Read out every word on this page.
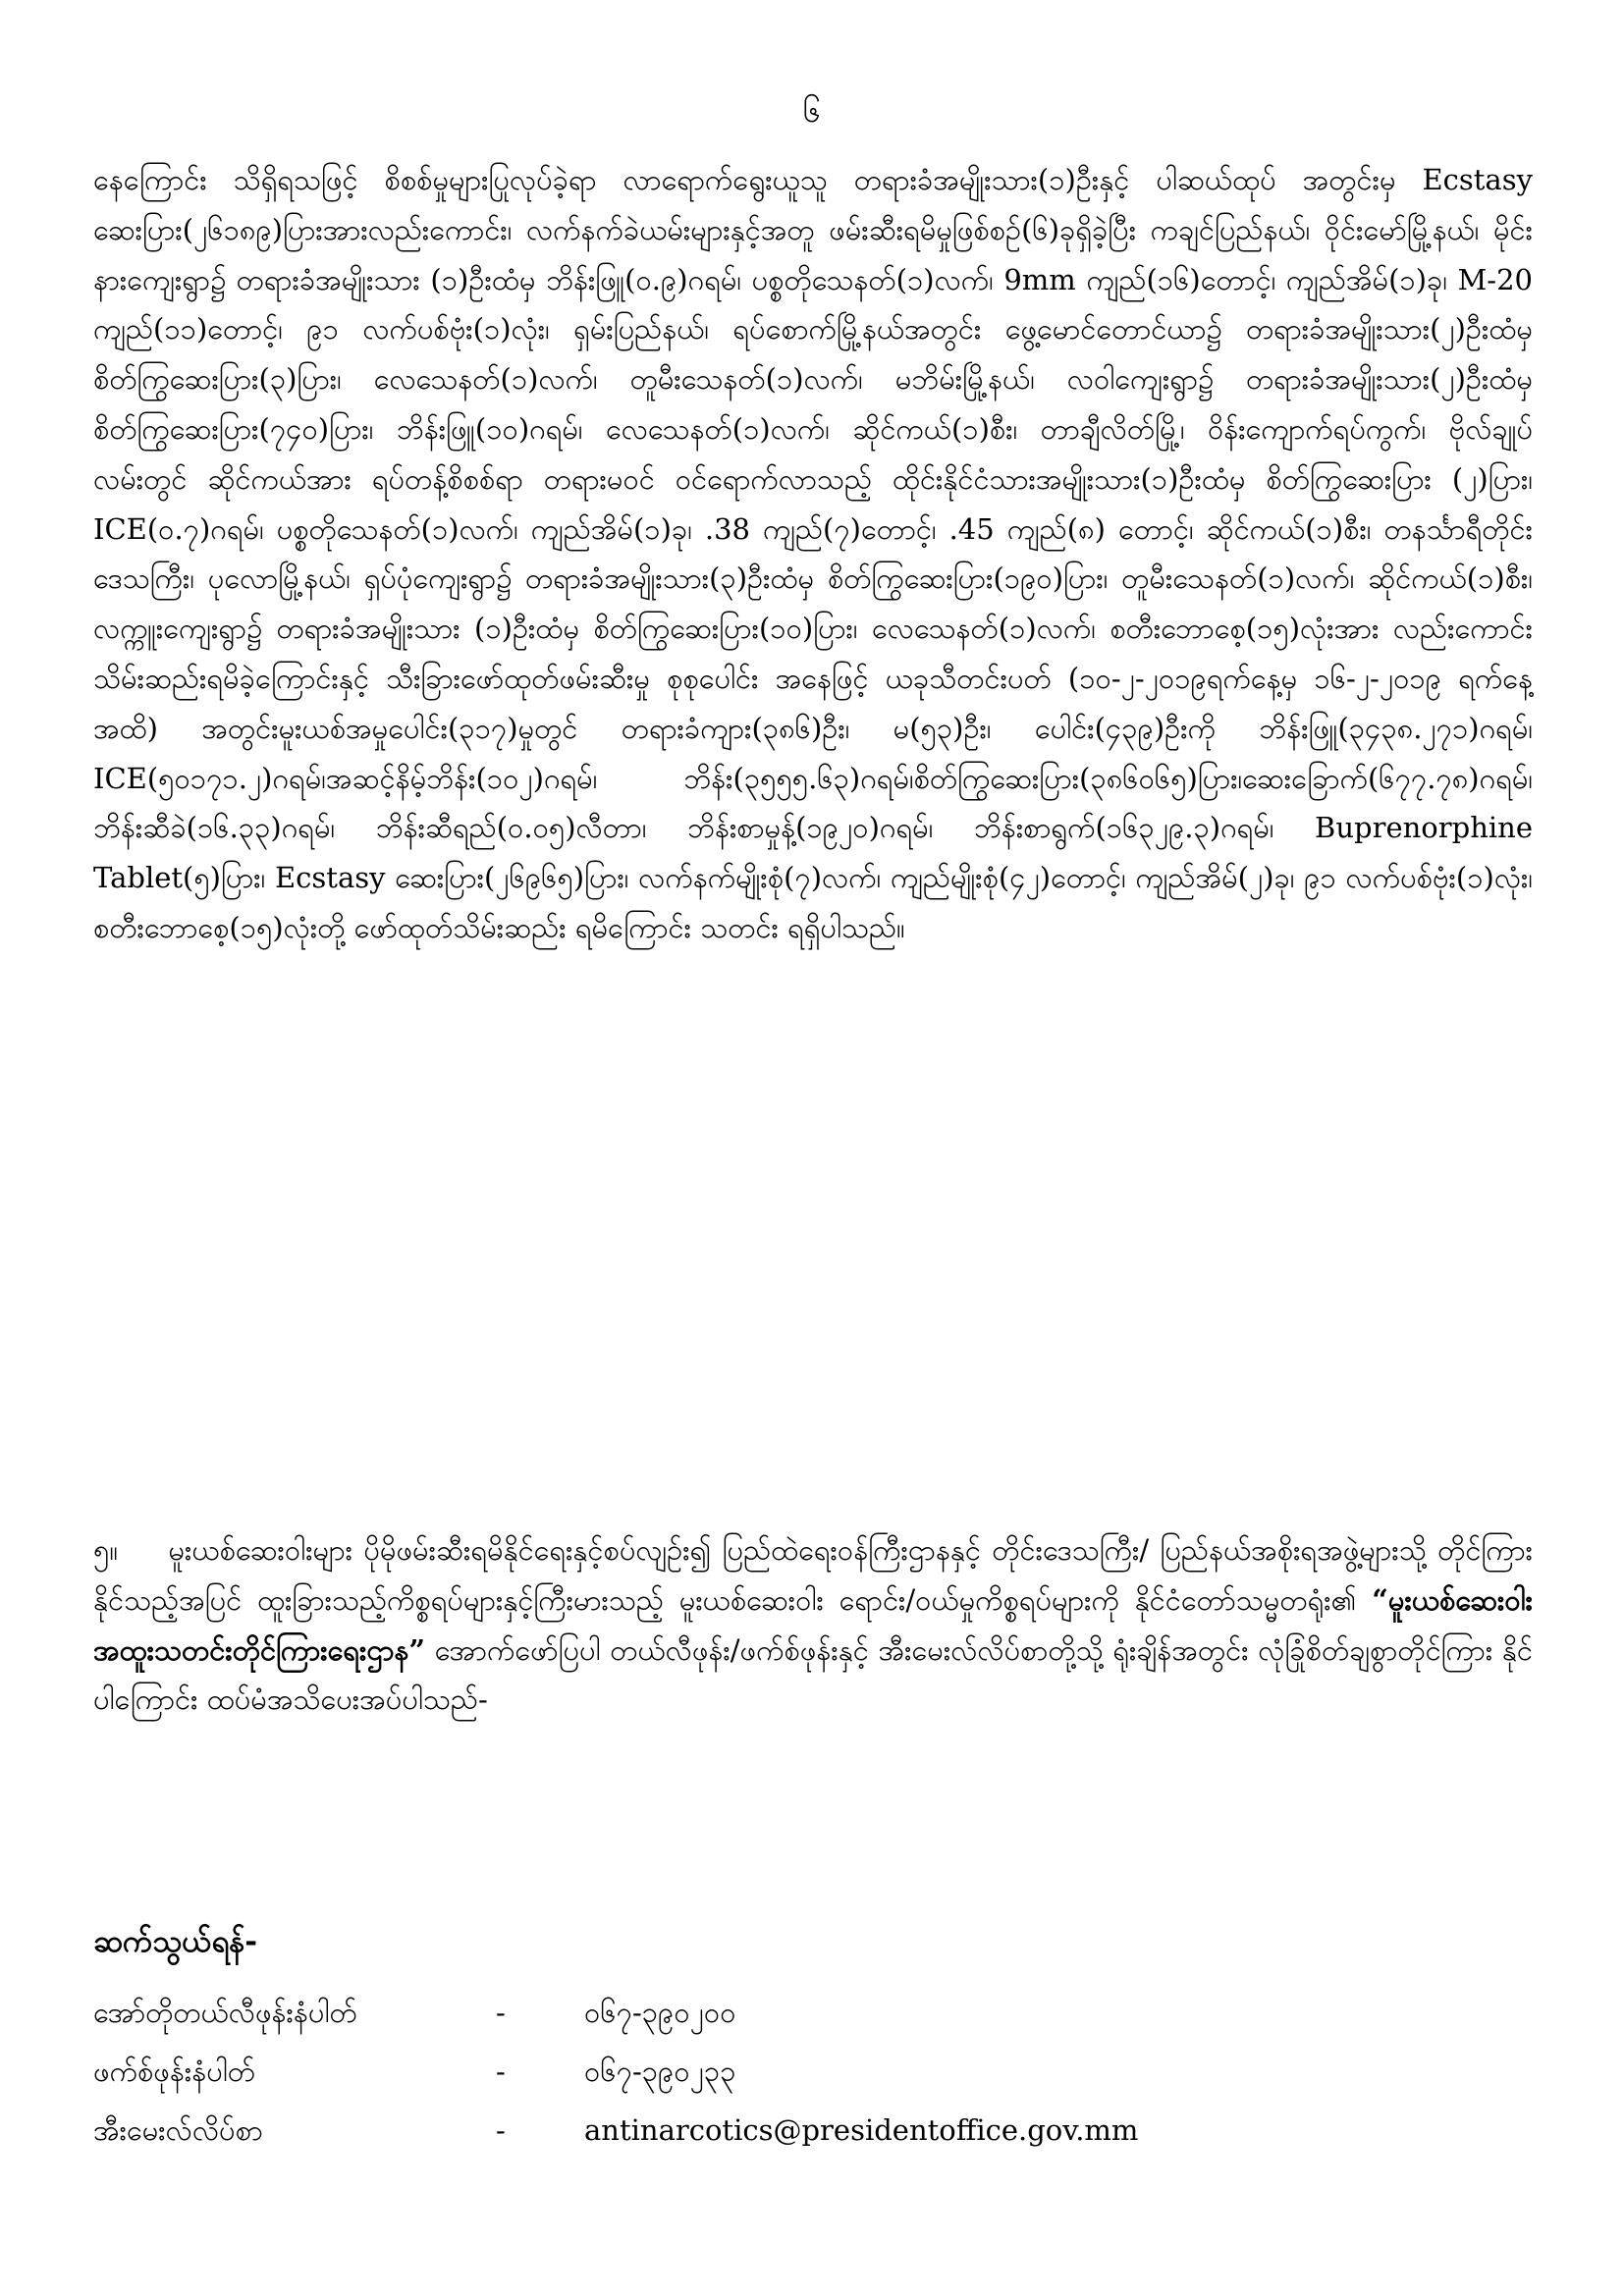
၆
နေကြောင်း သိရှိရသဖြင့် စိစစ်မှုများပြုလုပ်ခဲ့ရာ လာရောက်ရွေးယူသူ တရားခံအမျိုးသား(၁)ဦးနှင့် ပါဆယ်ထုပ် အတွင်းမှ Ecstasy ဆေးပြား(၂၆၁၈၉)ပြားအားလည်းကောင်း၊ လက်နက်ခဲယမ်းများနှင့်အတူ ဖမ်းဆီးရမိမှုဖြစ်စဉ်(၆)ခုရှိခဲ့ပြီး ကချင်ပြည်နယ်၊ ဝိုင်းမော်မြို့နယ်၊ မိုင်းနားကျေးရွာ၌ တရားခံအမျိုးသား (၁)ဦးထံမှ ဘိန်းဖြူ(၀.၉)ဂရမ်၊ ပစ္စတိုသေနတ်(၁)လက်၊ 9mm ကျည်(၁၆)တောင့်၊ ကျည်အိမ်(၁)ခု၊ M-20 ကျည်(၁၁)တောင့်၊ ၉၁ လက်ပစ်ဗုံး(၁)လုံး၊ ရှမ်းပြည်နယ်၊ ရပ်စောက်မြို့နယ်အတွင်း ဖွေ့မောင်တောင်ယာ၌ တရားခံအမျိုးသား(၂)ဦးထံမှ စိတ်ကြွဆေးပြား(၃)ပြား၊ လေသေနတ်(၁)လက်၊ တူမီးသေနတ်(၁)လက်၊ မဘိမ်းမြို့နယ်၊ လဝါကျေးရွာ၌ တရားခံအမျိုးသား(၂)ဦးထံမှ စိတ်ကြွဆေးပြား(၇၄၀)ပြား၊ ဘိန်းဖြူ(၁၀)ဂရမ်၊ လေသေနတ်(၁)လက်၊ ဆိုင်ကယ်(၁)စီး၊ တာချီလိတ်မြို့၊ ဝိန်းကျောက်ရပ်ကွက်၊ ဗိုလ်ချုပ်လမ်းတွင် ဆိုင်ကယ်အား ရပ်တန့်စိစစ်ရာ တရားမဝင် ဝင်ရောက်လာသည့် ထိုင်းနိုင်ငံသားအမျိုးသား(၁)ဦးထံမှ စိတ်ကြွဆေးပြား (၂)ပြား၊ ICE(၀.၇)ဂရမ်၊ ပစ္စတိုသေနတ်(၁)လက်၊ ကျည်အိမ်(၁)ခု၊ .38 ကျည်(၇)တောင့်၊ .45 ကျည်(၈) တောင့်၊ ဆိုင်ကယ်(၁)စီး၊ တနင်္သာရီတိုင်းဒေသကြီး၊ ပုလောမြို့နယ်၊ ရှပ်ပုံကျေးရွာ၌ တရားခံအမျိုးသား(၃)ဦးထံမှ စိတ်ကြွဆေးပြား(၁၉၀)ပြား၊ တူမီးသေနတ်(၁)လက်၊ ဆိုင်ကယ်(၁)စီး၊ လက္ကူးကျေးရွာ၌ တရားခံအမျိုးသား (၁)ဦးထံမှ စိတ်ကြွဆေးပြား(၁၀)ပြား၊ လေသေနတ်(၁)လက်၊ စတီးဘောစေ့(၁၅)လုံးအား လည်းကောင်း သိမ်းဆည်းရမိခဲ့ကြောင်းနှင့် သီးခြားဖော်ထုတ်ဖမ်းဆီးမှု စုစုပေါင်း အနေဖြင့် ယခုသီတင်းပတ် (၁၀-၂-၂၀၁၉ရက်နေ့မှ ၁၆-၂-၂၀၁၉ ရက်နေ့အထိ) အတွင်းမူးယစ်အမှုပေါင်း(၃၁၇)မှုတွင် တရားခံကျား(၃၈၆)ဦး၊ မ(၅၃)ဦး၊ ပေါင်း(၄၃၉)ဦးကို ဘိန်းဖြူ(၃၄၃၈.၂၇၁)ဂရမ်၊ ICE(၅၀၁၇၁.၂)ဂရမ်၊အဆင့်နိမ့်ဘိန်း(၁၀၂)ဂရမ်၊ ဘိန်း(၃၅၅၅.၆၃)ဂရမ်၊စိတ်ကြွဆေးပြား(၃၈၆၀၆၅)ပြား၊ဆေးခြောက်(၆၇၇.၇၈)ဂရမ်၊ ဘိန်းဆီခဲ(၁၆.၃၃)ဂရမ်၊ ဘိန်းဆီရည်(၀.၀၅)လီတာ၊ ဘိန်းစာမှုန့်(၁၉၂၀)ဂရမ်၊ ဘိန်းစာရွက်(၁၆၃၂၉.၃)ဂရမ်၊ Buprenorphine Tablet(၅)ပြား၊ Ecstasy ဆေးပြား(၂၆၉၆၅)ပြား၊ လက်နက်မျိုးစုံ(၇)လက်၊ ကျည်မျိုးစုံ(၄၂)တောင့်၊ ကျည်အိမ်(၂)ခု၊ ၉၁ လက်ပစ်ဗုံး(၁)လုံး၊ စတီးဘောစေ့(၁၅)လုံးတို့ ဖော်ထုတ်သိမ်းဆည်း ရမိကြောင်း သတင်း ရရှိပါသည်။
၅။ မူးယစ်ဆေးဝါးများ ပိုမိုဖမ်းဆီးရမိနိုင်ရေးနှင့်စပ်လျဉ်း၍ ပြည်ထဲရေးဝန်ကြီးဌာနနှင့် တိုင်းဒေသကြီး/ ပြည်နယ်အစိုးရအဖွဲ့များသို့ တိုင်ကြားနိုင်သည့်အပြင် ထူးခြားသည့်ကိစ္စရပ်များနှင့်ကြီးမားသည့် မူးယစ်ဆေးဝါး ရောင်း/ဝယ်မှုကိစ္စရပ်များကို နိုင်ငံတော်သမ္မတရုံး၏ “မူးယစ်ဆေးဝါး အထူးသတင်းတိုင်ကြားရေးဌာန” အောက်ဖော်ပြပါ တယ်လီဖုန်း/ဖက်စ်ဖုန်းနှင့် အီးမေးလ်လိပ်စာတို့သို့ ရုံးချိန်အတွင်း လုံခြုံစိတ်ချစွာတိုင်ကြား နိုင်ပါကြောင်း ထပ်မံအသိပေးအပ်ပါသည်-
ဆက်သွယ်ရန်-
အော်တိုတယ်လီဖုန်းနံပါတ်	-	၀၆၇-၃၉၀၂၀၀
ဖက်စ်ဖုန်းနံပါတ်	-	၀၆၇-၃၉၀၂၃၃
အီးမေးလ်လိပ်စာ	-	antinarcotics@presidentoffice.gov.mm
